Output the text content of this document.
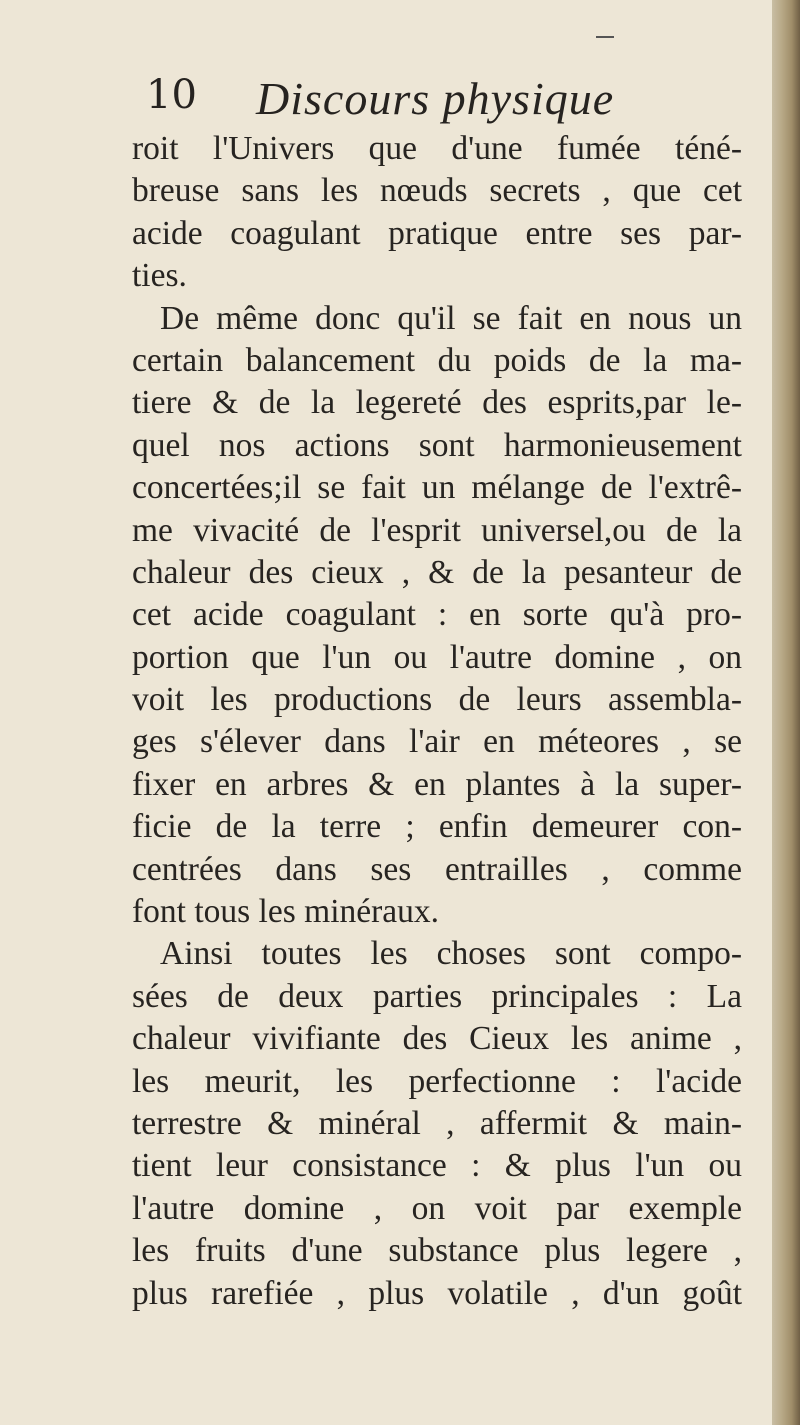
10 Discours physique
roit l'Univers que d'une fumée téné-
breuse sans les nœuds secrets , que cet
acide coagulant pratique entre ses par-
ties.
De même donc qu'il se fait en nous un
certain balancement du poids de la ma-
tiere & de la legereté des esprits,par le-
quel nos actions sont harmonieusement
concertées;il se fait un mélange de l'extrê-
me vivacité de l'esprit universel,ou de la
chaleur des cieux , & de la pesanteur de
cet acide coagulant : en sorte qu'à pro-
portion que l'un ou l'autre domine , on
voit les productions de leurs assembla-
ges s'élever dans l'air en méteores , se
fixer en arbres & en plantes à la super-
ficie de la terre ; enfin demeurer con-
centrées dans ses entrailles , comme
font tous les minéraux.
Ainsi toutes les choses sont compo-
sées de deux parties principales : La
chaleur vivifiante des Cieux les anime ,
les meurit, les perfectionne : l'acide
terrestre & minéral , affermit & main-
tient leur consistance : & plus l'un ou
l'autre domine , on voit par exemple
les fruits d'une substance plus legere ,
plus rarefiée , plus volatile , d'un goût
